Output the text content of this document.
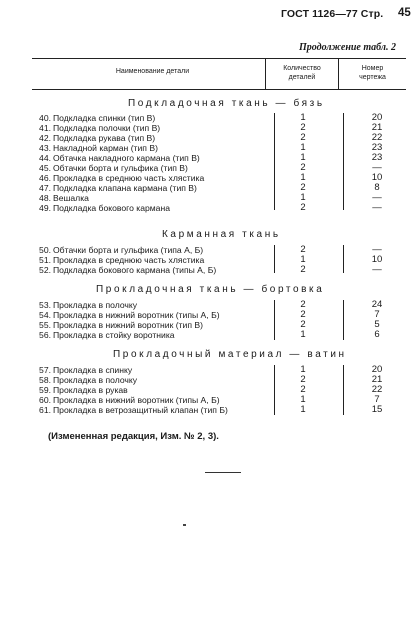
ГОСТ 1126—77 Стр. 45
Продолжение табл. 2
Наименование детали	Количество
деталей
Номер
чертежа
Подкладочная ткань — бязь
40. Подкладка спинки (тип В)	1	20
41. Подкладка полочки (тип В)	2	21
42. Подкладка рукава (тип В)	2	22
43. Накладной карман (тип В)	1	23
44. Обтачка накладного кармана (тип В)	1	23
45. Обтачки борта и гульфика (тип В)	2	—
46. Прокладка в среднюю часть хлястика	1	10
47. Подкладка клапана кармана (тип В)	2	8
48. Вешалка	1	—
49. Подкладка бокового кармана	2	—
Карманная ткань
50. Обтачки борта и гульфика (типа А, Б)	2	—
51. Прокладка в среднюю часть хлястика	1	10
52. Подкладка бокового кармана (типы А, Б)	2	—
Прокладочная ткань — бортовка
53. Прокладка в полочку	2	24
54. Прокладка в нижний воротник (типы А, Б)	2	7
55. Прокладка в нижний воротник (тип В)	2	5
56. Прокладка в стойку воротника	1	6
Прокладочный материал — ватин
57. Прокладка в спинку	1	20
58. Прокладка в полочку	2	21
59. Прокладка в рукав	2	22
60. Прокладка в нижний воротник (типы А, Б)	1	7
61. Прокладка в ветрозащитный клапан (тип Б)	1	15
(Измененная редакция, Изм. № 2, 3).
